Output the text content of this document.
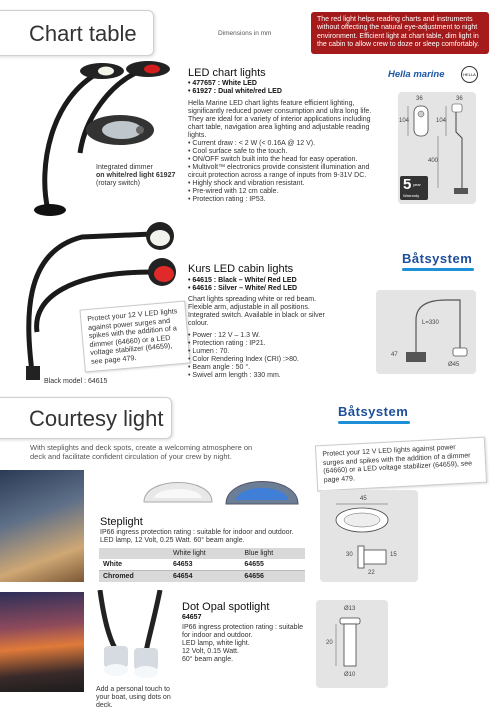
Chart table	Dimensions in mm
The red light helps reading charts and instruments without offecting the natural eye-adjustment to night environment. Efficient light at chart table, dim light in the cabin to allow crew to doze or sleep comfortably.
Integrated dimmer
on white/red light 61927
(rotary switch)
LED chart lights
• 477657 : White LED
• 61927 : Dual white/red LED
Hella Marine LED chart lights feature efficient lighting, significantly reduced power consumption and ultra long life. They are ideal for a variety of interior applications including chart table, navigation area lighting and adjustable reading lights.
• Current draw : < 2 W (< 0.16A @ 12 V).
• Cool surface safe to the touch.
• ON/OFF switch built into the head for easy operation.
• Multivolt™ electronics provide consistent illumination and circuit protection across a range of inputs from 9-31V DC.
• Highly shock and vibration resistant.
• Pre-wired with 12 cm cable.
• Protection rating : IP53.
Hella marine	HELLA
36	36
104	104
400
5 year
Warranty
Båtsystem
Protect your 12 V LED lights against power surges and spikes with the addition of a dimmer (64660) or a LED voltage stabilizer (64659), see page 479.
Black model : 64615
Kurs LED cabin lights
• 64615 : Black – White/ Red LED
• 64616 : Silver – White/ Red LED
Chart lights spreading white or red beam. Flexible arm, adjustable in all positions. Integrated switch. Available in black or silver colour.
• Power : 12 V – 1.3 W.
• Protection rating : IP21.
• Lumen : 70.
• Color Rendering Index (CRI) :>80.
• Beam angle : 50 °.
• Swivel arm length : 330 mm.
L=330
47
Ø45
Courtesy light
With steplights and deck spots, create a welcoming atmosphere on deck and facilitate confident circulation of your crew by night.
Båtsystem
Protect your 12 V LED lights against power surges and spikes with the addition of a dimmer (64660) or a LED voltage stabilizer (64659), see page 479.
Steplight
IP66 ingress protection rating : suitable for indoor and outdoor. LED lamp, 12 Volt, 0.25 Watt. 60° beam angle.
	White light	Blue light
White	64653	64655
Chromed	64654	64656
45
30	15
22
Add a personal touch to your boat, using dots on deck.
Dot Opal spotlight
64657
IP66 ingress protection rating : suitable for indoor and outdoor.
LED lamp, white light.
12 Volt, 0.15 Watt.
60° beam angle.
Ø13
20
Ø10
